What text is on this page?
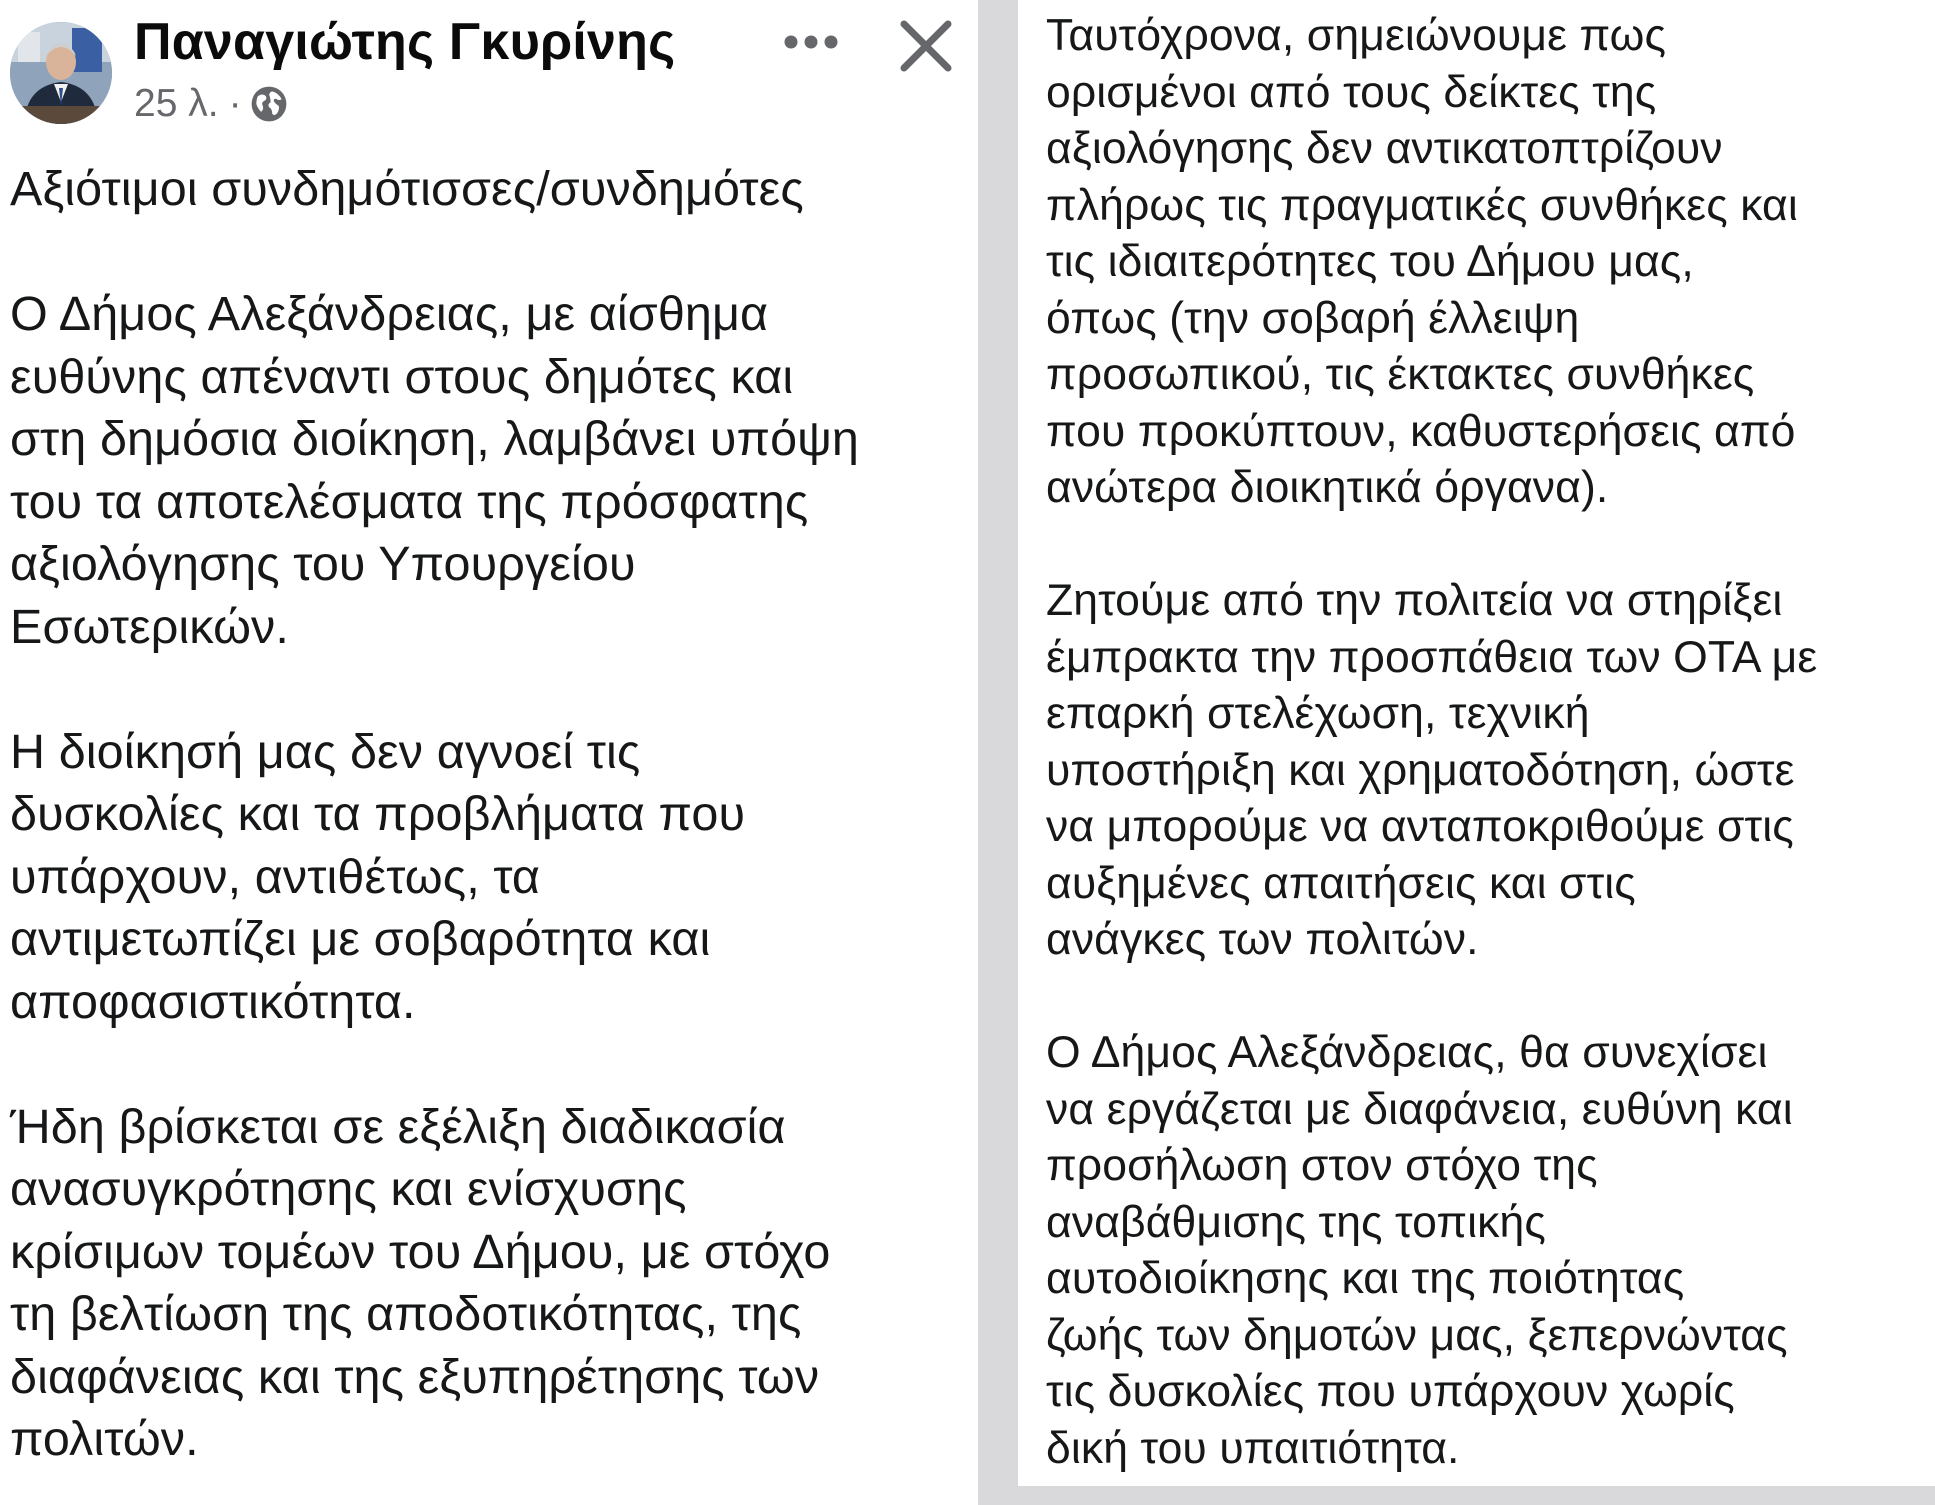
Παναγιώτης Γκυρίνης
25 λ. ·

Αξιότιμοι συνδημότισσες/συνδημότες

Ο Δήμος Αλεξάνδρειας, με αίσθημα
ευθύνης απέναντι στους δημότες και
στη δημόσια διοίκηση, λαμβάνει υπόψη
του τα αποτελέσματα της πρόσφατης
αξιολόγησης του Υπουργείου
Εσωτερικών.

Η διοίκησή μας δεν αγνοεί τις
δυσκολίες και τα προβλήματα που
υπάρχουν, αντιθέτως, τα
αντιμετωπίζει με σοβαρότητα και
αποφασιστικότητα.

Ήδη βρίσκεται σε εξέλιξη διαδικασία
ανασυγκρότησης και ενίσχυσης
κρίσιμων τομέων του Δήμου, με στόχο
τη βελτίωση της αποδοτικότητας, της
διαφάνειας και της εξυπηρέτησης των
πολιτών.

Ταυτόχρονα, σημειώνουμε πως
ορισμένοι από τους δείκτες της
αξιολόγησης δεν αντικατοπτρίζουν
πλήρως τις πραγματικές συνθήκες και
τις ιδιαιτερότητες του Δήμου μας,
όπως (την σοβαρή έλλειψη
προσωπικού, τις έκτακτες συνθήκες
που προκύπτουν, καθυστερήσεις από
ανώτερα διοικητικά όργανα).

Ζητούμε από την πολιτεία να στηρίξει
έμπρακτα την προσπάθεια των ΟΤΑ με
επαρκή στελέχωση, τεχνική
υποστήριξη και χρηματοδότηση, ώστε
να μπορούμε να ανταποκριθούμε στις
αυξημένες απαιτήσεις και στις
ανάγκες των πολιτών.

Ο Δήμος Αλεξάνδρειας, θα συνεχίσει
να εργάζεται με διαφάνεια, ευθύνη και
προσήλωση στον στόχο της
αναβάθμισης της τοπικής
αυτοδιοίκησης και της ποιότητας
ζωής των δημοτών μας, ξεπερνώντας
τις δυσκολίες που υπάρχουν χωρίς
δική του υπαιτιότητα.
